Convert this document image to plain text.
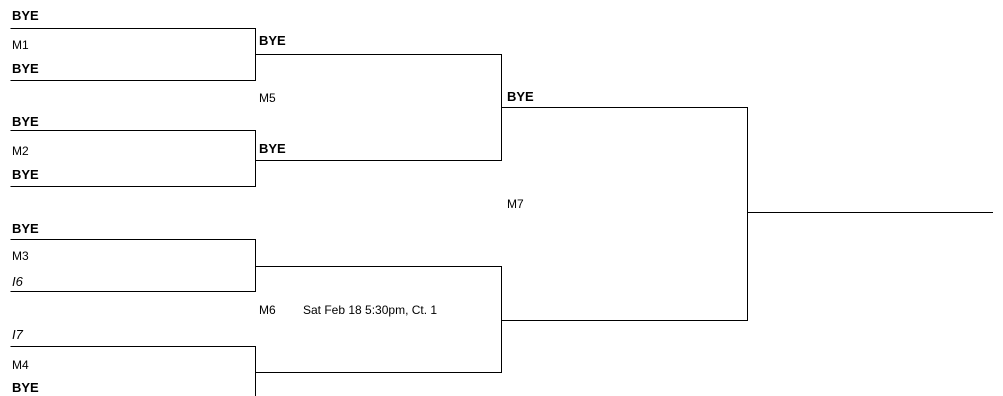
BYE
M1
BYE
BYE
M2
BYE
BYE
M3
I6
I7
M4
BYE
BYE
M5
BYE
M6 Sat Feb 18 5:30pm, Ct. 1
BYE
M7
